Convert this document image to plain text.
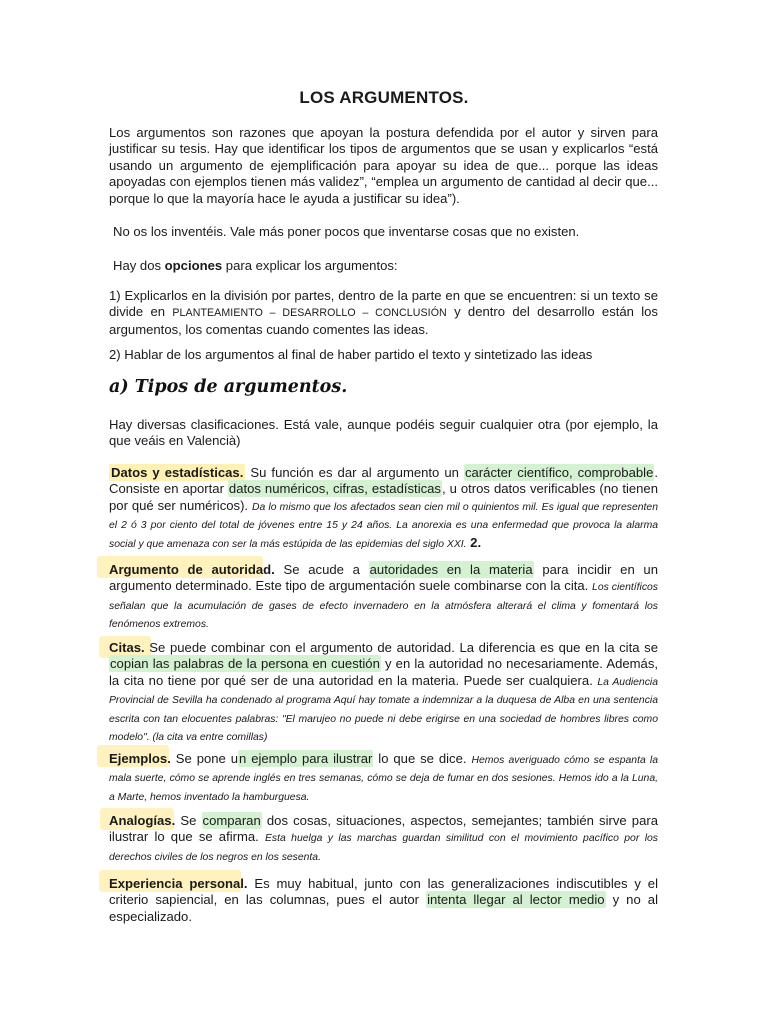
LOS ARGUMENTOS.
Los argumentos son razones que apoyan la postura defendida por el autor y sirven para justificar su tesis. Hay que identificar los tipos de argumentos que se usan y explicarlos “está usando un argumento de ejemplificación para apoyar su idea de que... porque las ideas apoyadas con ejemplos tienen más validez”, “emplea un argumento de cantidad al decir que... porque lo que la mayoría hace le ayuda a justificar su idea”).
No os los inventéis. Vale más poner pocos que inventarse cosas que no existen.
Hay dos opciones para explicar los argumentos:
1) Explicarlos en la división por partes, dentro de la parte en que se encuentren: si un texto se divide en PLANTEAMIENTO – DESARROLLO – CONCLUSIÓN y dentro del desarrollo están los argumentos, los comentas cuando comentes las ideas.
2) Hablar de los argumentos al final de haber partido el texto y sintetizado las ideas
a) Tipos de argumentos.
Hay diversas clasificaciones. Está vale, aunque podéis seguir cualquier otra (por ejemplo, la que veáis en Valencià)
Datos y estadísticas. Su función es dar al argumento un carácter científico, comprobable. Consiste en aportar datos numéricos, cifras, estadísticas, u otros datos verificables (no tienen por qué ser numéricos). Da lo mismo que los afectados sean cien mil o quinientos mil. Es igual que representen el 2 ó 3 por ciento del total de jóvenes entre 15 y 24 años. La anorexia es una enfermedad que provoca la alarma social y que amenaza con ser la más estúpida de las epidemias del siglo XXI. 2.
Argumento de autoridad. Se acude a autoridades en la materia para incidir en un argumento determinado. Este tipo de argumentación suele combinarse con la cita. Los científicos señalan que la acumulación de gases de efecto invernadero en la atmósfera alterará el clima y fomentará los fenómenos extremos.
Citas. Se puede combinar con el argumento de autoridad. La diferencia es que en la cita se copian las palabras de la persona en cuestión y en la autoridad no necesariamente. Además, la cita no tiene por qué ser de una autoridad en la materia. Puede ser cualquiera. La Audiencia Provincial de Sevilla ha condenado al programa Aquí hay tomate a indemnizar a la duquesa de Alba en una sentencia escrita con tan elocuentes palabras: "El marujeo no puede ni debe erigirse en una sociedad de hombres libres como modelo". (la cita va entre comillas)
Ejemplos. Se pone un ejemplo para ilustrar lo que se dice. Hemos averiguado cómo se espanta la mala suerte, cómo se aprende inglés en tres semanas, cómo se deja de fumar en dos sesiones. Hemos ido a la Luna, a Marte, hemos inventado la hamburguesa.
Analogías. Se comparan dos cosas, situaciones, aspectos, semejantes; también sirve para ilustrar lo que se afirma. Esta huelga y las marchas guardan similitud con el movimiento pacífico por los derechos civiles de los negros en los sesenta.
Experiencia personal. Es muy habitual, junto con las generalizaciones indiscutibles y el criterio sapiencial, en las columnas, pues el autor intenta llegar al lector medio y no al especializado.
